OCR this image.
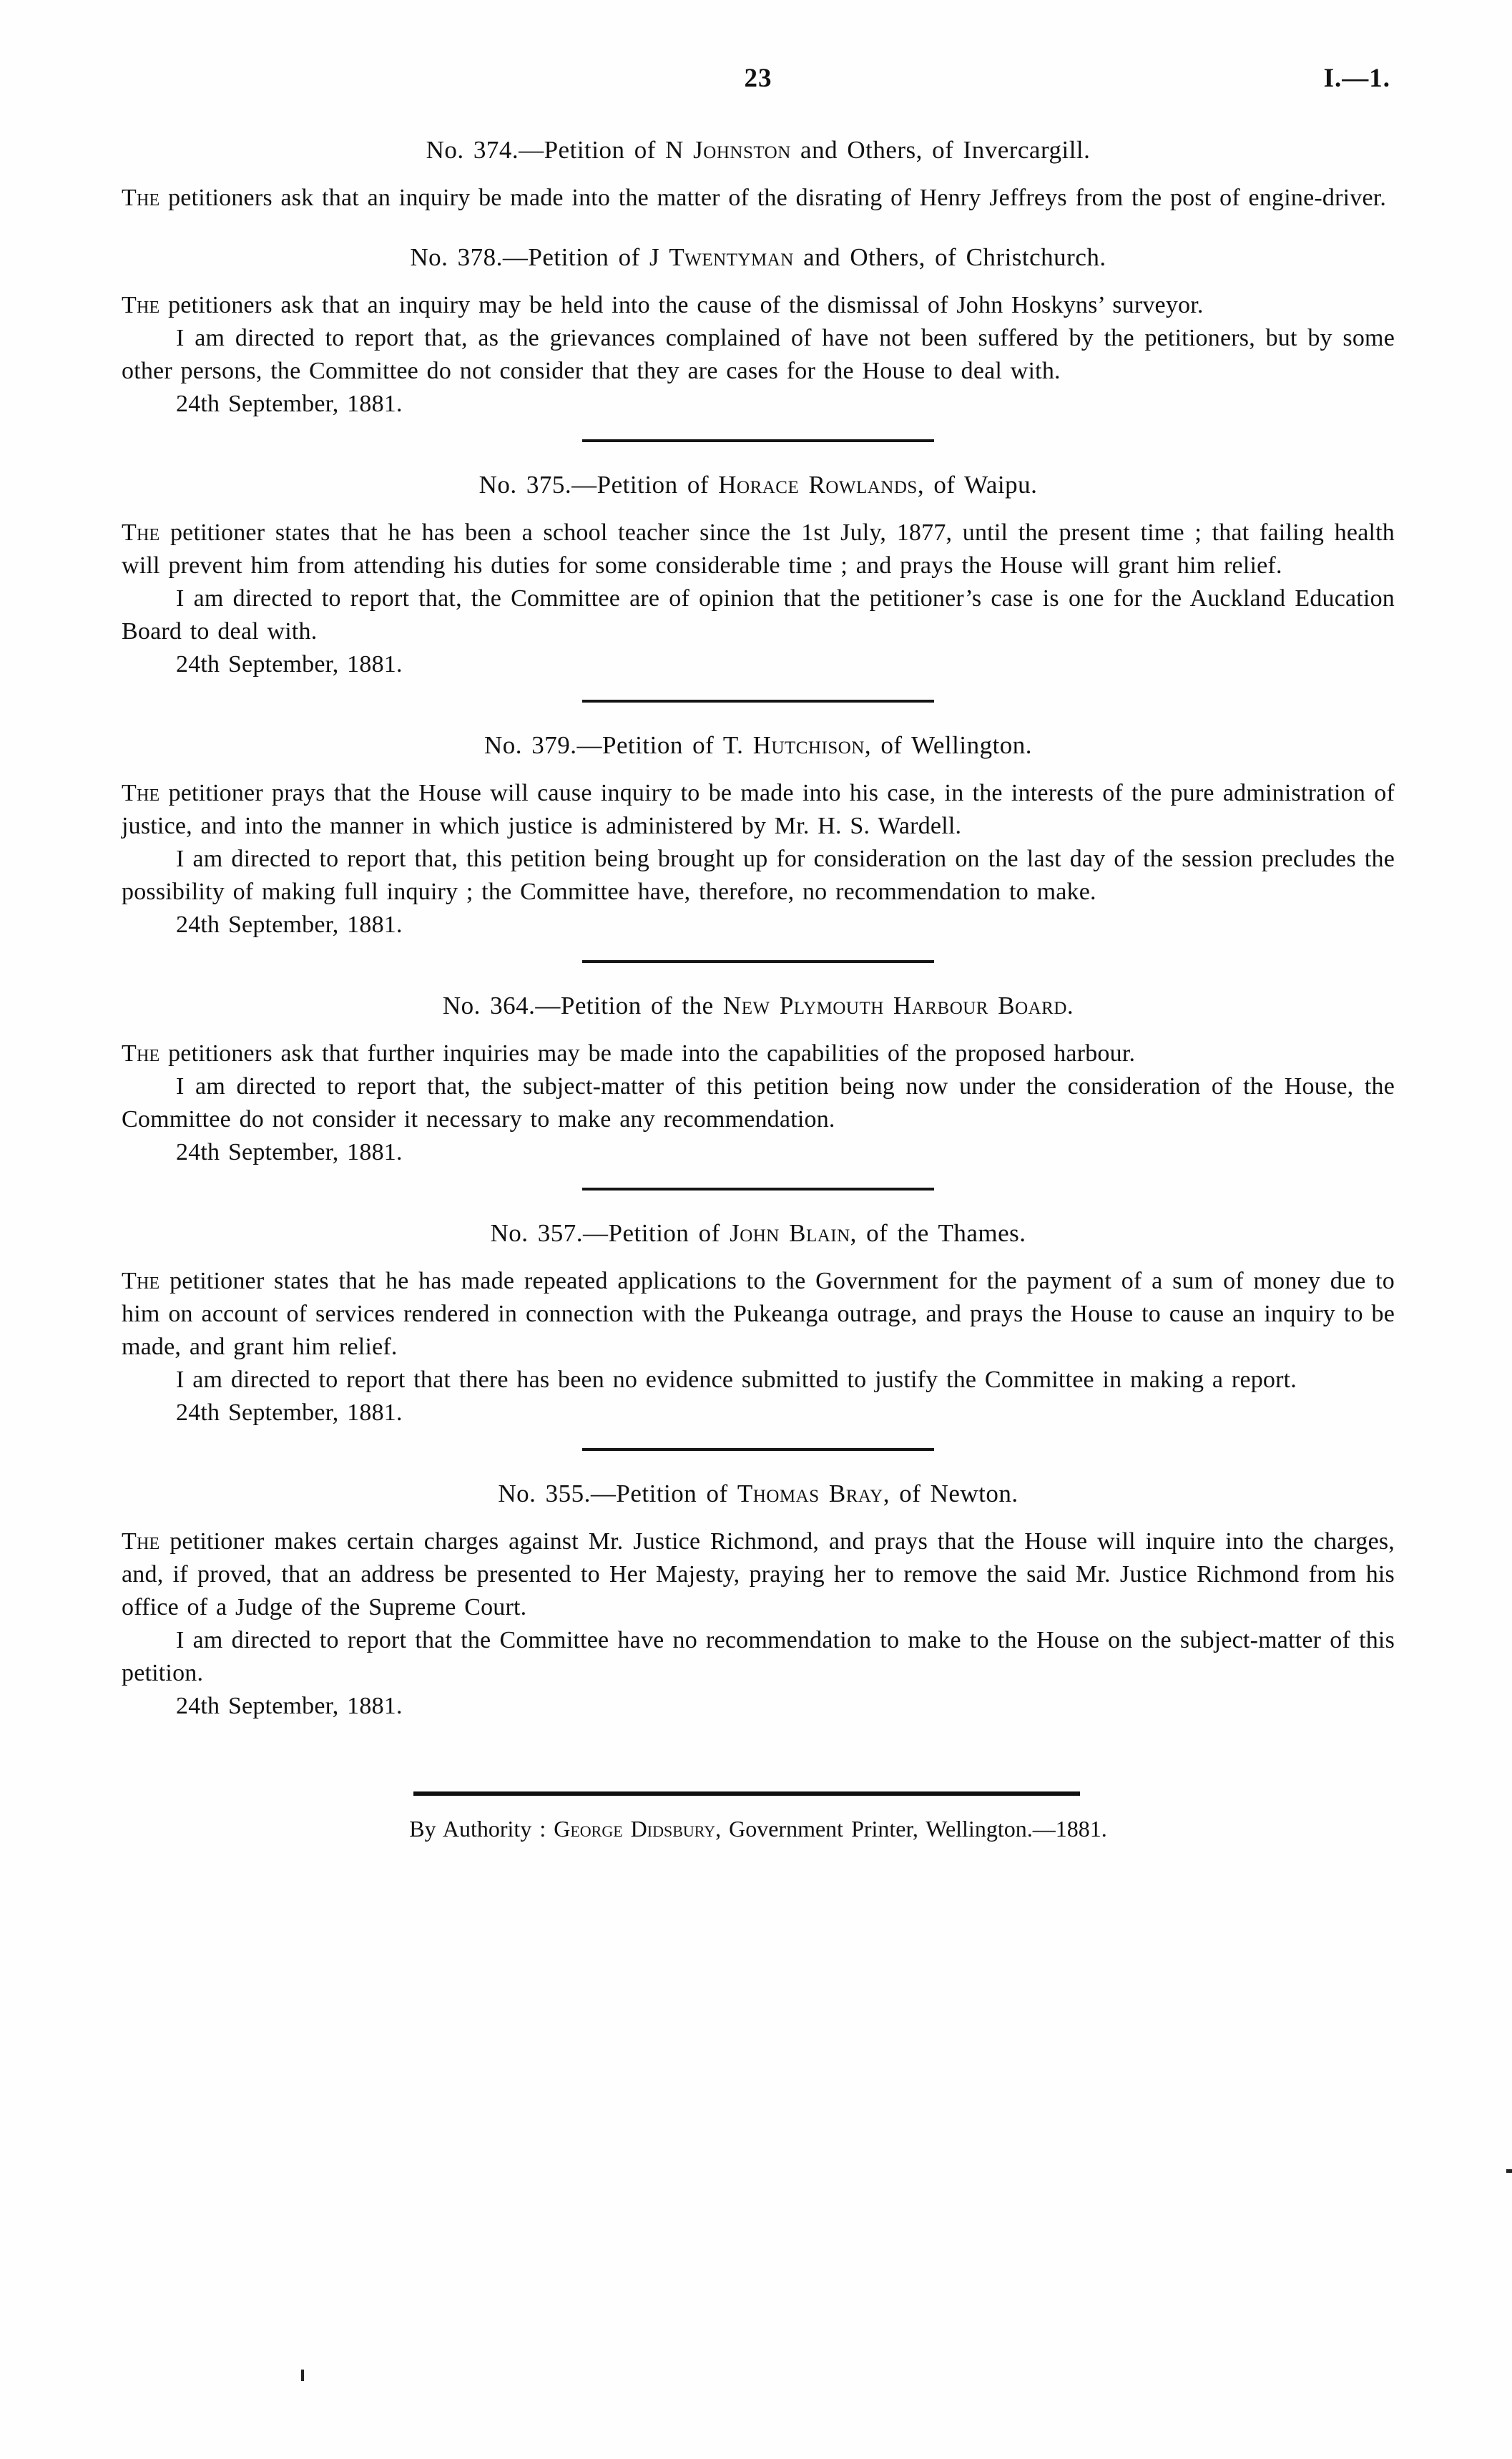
23	I.—1.
No. 374.—Petition of N Johnston and Others, of Invercargill.

The petitioners ask that an inquiry be made into the matter of the disrating of Henry Jeffreys from the post of engine-driver.

No. 378.—Petition of J Twentyman and Others, of Christchurch.

The petitioners ask that an inquiry may be held into the cause of the dismissal of John Hoskyns’ surveyor.

I am directed to report that, as the grievances complained of have not been suffered by the petitioners, but by some other persons, the Committee do not consider that they are cases for the House to deal with.

24th September, 1881.

No. 375.—Petition of Horace Rowlands, of Waipu.

The petitioner states that he has been a school teacher since the 1st July, 1877, until the present time ; that failing health will prevent him from attending his duties for some considerable time ; and prays the House will grant him relief.

I am directed to report that, the Committee are of opinion that the petitioner’s case is one for the Auckland Education Board to deal with.

24th September, 1881.

No. 379.—Petition of T. Hutchison, of Wellington.

The petitioner prays that the House will cause inquiry to be made into his case, in the interests of the pure administration of justice, and into the manner in which justice is administered by Mr. H. S. Wardell.

I am directed to report that, this petition being brought up for consideration on the last day of the session precludes the possibility of making full inquiry ; the Committee have, therefore, no recommendation to make.

24th September, 1881.

No. 364.—Petition of the New Plymouth Harbour Board.

The petitioners ask that further inquiries may be made into the capabilities of the proposed harbour.

I am directed to report that, the subject-matter of this petition being now under the consideration of the House, the Committee do not consider it necessary to make any recommendation.

24th September, 1881.

No. 357.—Petition of John Blain, of the Thames.

The petitioner states that he has made repeated applications to the Government for the payment of a sum of money due to him on account of services rendered in connection with the Pukeanga outrage, and prays the House to cause an inquiry to be made, and grant him relief.

I am directed to report that there has been no evidence submitted to justify the Committee in making a report.

24th September, 1881.

No. 355.—Petition of Thomas Bray, of Newton.

The petitioner makes certain charges against Mr. Justice Richmond, and prays that the House will inquire into the charges, and, if proved, that an address be presented to Her Majesty, praying her to remove the said Mr. Justice Richmond from his office of a Judge of the Supreme Court.

I am directed to report that the Committee have no recommendation to make to the House on the subject-matter of this petition.

24th September, 1881.

By Authority : George Didsbury, Government Printer, Wellington.—1881.
